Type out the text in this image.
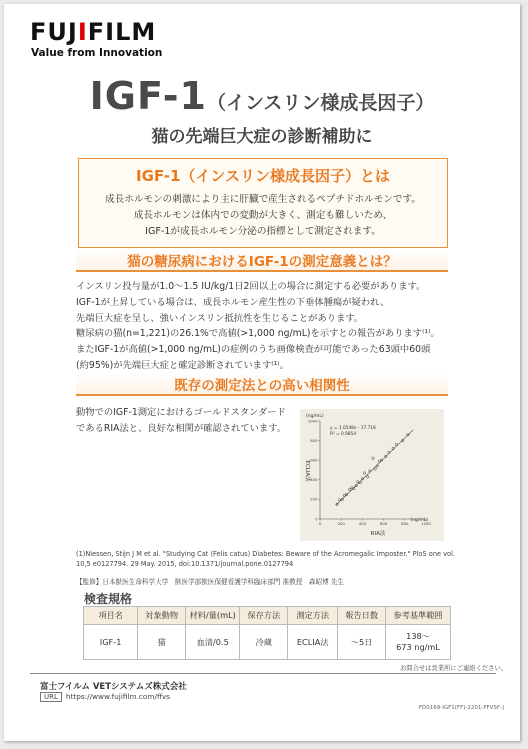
FUJIFILM
Value from Innovation
IGF-1（インスリン様成長因子）
猫の先端巨大症の診断補助に
IGF-1（インスリン様成長因子）とは
成長ホルモンの刺激により主に肝臓で産生されるペプチドホルモンです。
成長ホルモンは体内での変動が大きく、測定も難しいため、
IGF-1が成長ホルモン分泌の指標として測定されます。
猫の糖尿病におけるIGF-1の測定意義とは？
インスリン投与量が1.0～1.5 IU/kg/1日2回以上の場合に測定する必要があります。
IGF-1が上昇している場合は、成長ホルモン産生性の下垂体腫瘍が疑われ、
先端巨大症を呈し、強いインスリン抵抗性を生じることがあります。
糖尿病の猫(n=1,221)の26.1%で高値(>1,000 ng/mL)を示すとの報告があります⁽¹⁾。
またIGF-1が高値(>1,000 ng/mL)の症例のうち画像検査が可能であった63頭中60頭
(約95%)が先端巨大症と確定診断されています⁽¹⁾。
既存の測定法との高い相関性
動物でのIGF-1測定におけるゴールドスタンダード
であるRIA法と、良好な相関が確認されています。
(ng/mL)
(ng/mL)
y = 1.0548x - 17.718
R² = 0.9854
RIA法
ECLIA法
0	200	400	600	800	1000
0
200
400
600
800
1000
(1)Niessen, Stijn J M et al. "Studying Cat (Felis catus) Diabetes: Beware of the Acromegalic Imposter." PloS one vol. 10,5 e0127794. 29 May. 2015, doi:10.1371/journal.pone.0127794
【監修】日本獣医生命科学大学　獣医学部獣医保健看護学科臨床部門 准教授　森昭博 先生
検査規格
項目名	対象動物	材料/量(mL)	保存方法	測定方法	報告日数	参考基準範囲
IGF-1	猫	血清/0.5	冷蔵	ECLIA法	～5日	138～
673 ng/mL
お問合せは営業所にご連絡ください。
富士フイルム VETシステムズ株式会社
URL https://www.fujifilm.com/ffvs
FD0169-IGF1(FF)-2201-FFVSF-J
